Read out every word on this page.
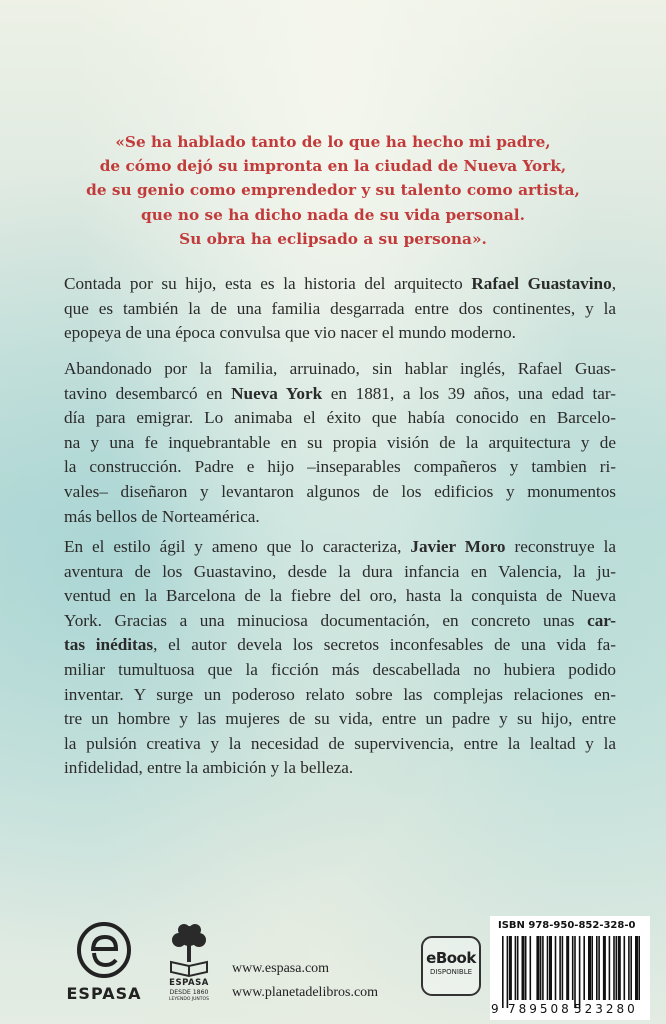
«Se ha hablado tanto de lo que ha hecho mi padre,
de cómo dejó su impronta en la ciudad de Nueva York,
de su genio como emprendedor y su talento como artista,
que no se ha dicho nada de su vida personal.
Su obra ha eclipsado a su persona».
Contada por su hijo, esta es la historia del arquitecto Rafael Guastavino,
que es también la de una familia desgarrada entre dos continentes, y la
epopeya de una época convulsa que vio nacer el mundo moderno.
Abandonado por la familia, arruinado, sin hablar inglés, Rafael Guas-
tavino desembarcó en Nueva York en 1881, a los 39 años, una edad tar-
día para emigrar. Lo animaba el éxito que había conocido en Barcelo-
na y una fe inquebrantable en su propia visión de la arquitectura y de
la construcción. Padre e hijo –inseparables compañeros y tambien ri-
vales– diseñaron y levantaron algunos de los edificios y monumentos
más bellos de Norteamérica.
En el estilo ágil y ameno que lo caracteriza, Javier Moro reconstruye la
aventura de los Guastavino, desde la dura infancia en Valencia, la ju-
ventud en la Barcelona de la fiebre del oro, hasta la conquista de Nueva
York. Gracias a una minuciosa documentación, en concreto unas car-
tas inéditas, el autor devela los secretos inconfesables de una vida fa-
miliar tumultuosa que la ficción más descabellada no hubiera podido
inventar. Y surge un poderoso relato sobre las complejas relaciones en-
tre un hombre y las mujeres de su vida, entre un padre y su hijo, entre
la pulsión creativa y la necesidad de supervivencia, entre la lealtad y la
infidelidad, entre la ambición y la belleza.
ESPASA
ESPASA
DESDE 1860
LEYENDO JUNTOS
www.espasa.com
www.planetadelibros.com
eBook
DISPONIBLE
ISBN 978-950-852-328-0
9 789508 523280
